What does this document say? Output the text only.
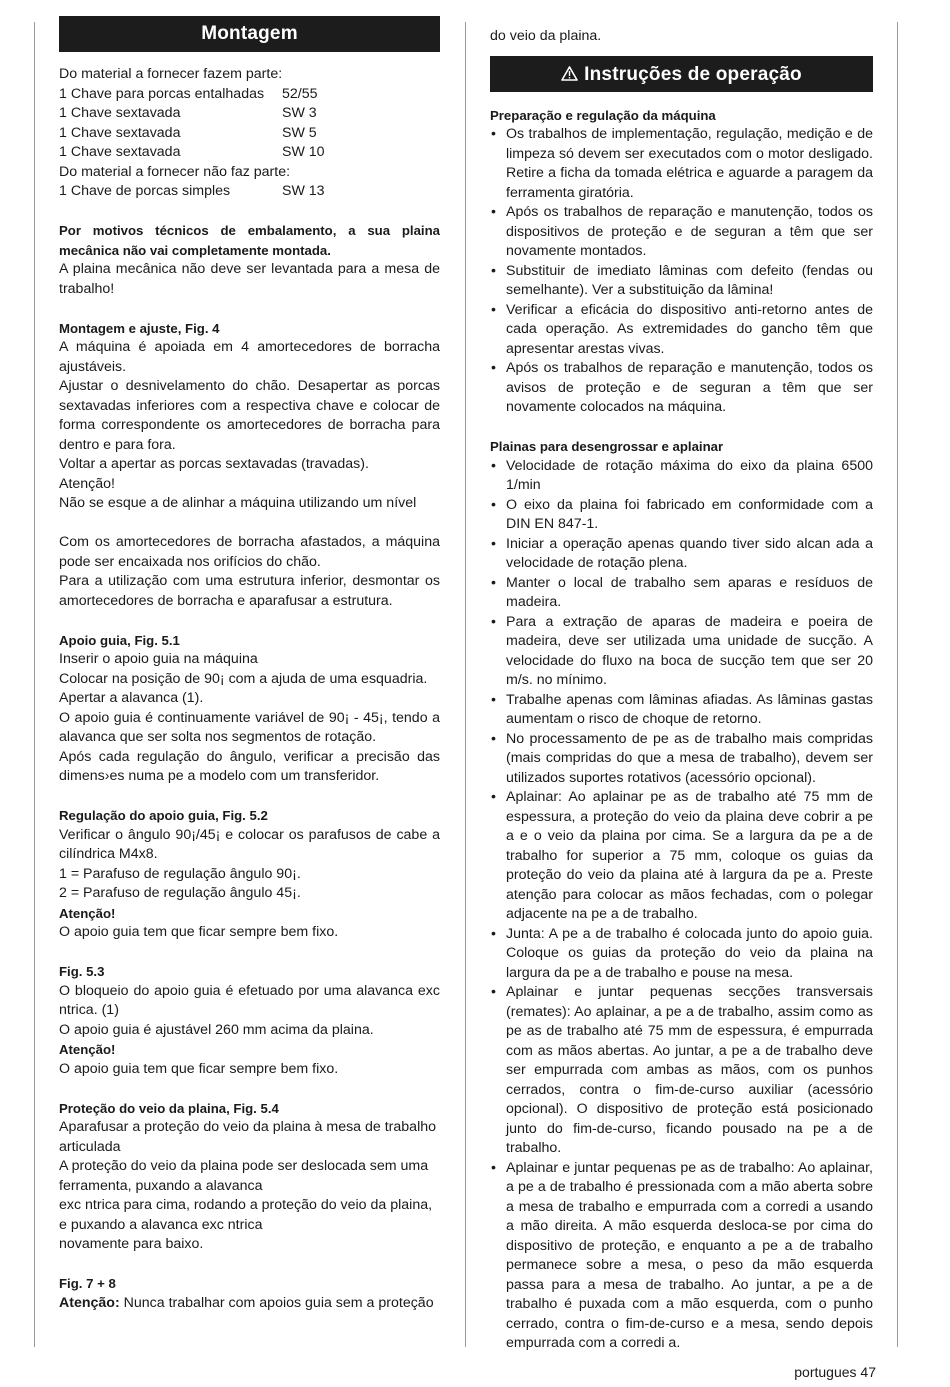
Montagem

Do material a fornecer fazem parte:

1 Chave para porcas entalhadas	52/55
1 Chave sextavada	SW 3
1 Chave sextavada	SW 5
1 Chave sextavada	SW 10

Do material a fornecer não faz parte:

1 Chave de porcas simples	SW 13

Por motivos técnicos de embalamento, a sua plaina mecânica não vai completamente montada.

A plaina mecânica não deve ser levantada para a mesa de trabalho!

Montagem e ajuste, Fig. 4

A máquina é apoiada em 4 amortecedores de borracha ajustáveis.

Ajustar o desnivelamento do chão. Desapertar as porcas sextavadas inferiores com a respectiva chave e colocar de forma correspondente os amortecedores de borracha para dentro e para fora.

Voltar a apertar as porcas sextavadas (travadas).

Atenção!

Não se esque a de alinhar a máquina utilizando um nível

Com os amortecedores de borracha afastados, a máquina pode ser encaixada nos orifícios do chão.

Para a utilização com uma estrutura inferior, desmontar os amortecedores de borracha e aparafusar a estrutura.

Apoio guia, Fig. 5.1

Inserir o apoio guia na máquina

Colocar na posição de 90¡ com a ajuda de uma esquadria.

Apertar a alavanca (1).

O apoio guia é continuamente variável de 90¡ - 45¡, tendo a alavanca que ser solta nos segmentos de rotação.

Após cada regulação do ângulo, verificar a precisão das dimens›es numa pe a modelo com um transferidor.

Regulação do apoio guia, Fig. 5.2

Verificar o ângulo 90¡/45¡ e colocar os parafusos de cabe a cilíndrica M4x8.

1 = Parafuso de regulação ângulo 90¡.

2 = Parafuso de regulação ângulo 45¡.

Atenção!

O apoio guia tem que ficar sempre bem fixo.

Fig. 5.3

O bloqueio do apoio guia é efetuado por uma alavanca exc ntrica. (1)

O apoio guia é ajustável 260 mm acima da plaina.

Atenção!

O apoio guia tem que ficar sempre bem fixo.

Proteção do veio da plaina, Fig. 5.4

Aparafusar a proteção do veio da plaina à mesa de trabalho articulada

A proteção do veio da plaina pode ser deslocada sem uma ferramenta, puxando a alavanca

exc ntrica para cima, rodando a proteção do veio da plaina, e puxando a alavanca exc ntrica

novamente para baixo.

Fig. 7 + 8

Atenção: Nunca trabalhar com apoios guia sem a proteção

do veio da plaina.

Instruções de operação

Preparação e regulação da máquina

• Os trabalhos de implementação, regulação, medição e de limpeza só devem ser executados com o motor desligado. Retire a ficha da tomada elétrica e aguarde a paragem da ferramenta giratória.
• Após os trabalhos de reparação e manutenção, todos os dispositivos de proteção e de seguran a têm que ser novamente montados.
• Substituir de imediato lâminas com defeito (fendas ou semelhante). Ver a substituição da lâmina!
• Verificar a eficácia do dispositivo anti-retorno antes de cada operação. As extremidades do gancho têm que apresentar arestas vivas.
• Após os trabalhos de reparação e manutenção, todos os avisos de proteção e de seguran a têm que ser novamente colocados na máquina.

Plainas para desengrossar e aplainar

• Velocidade de rotação máxima do eixo da plaina 6500 1/min
• O eixo da plaina foi fabricado em conformidade com a DIN EN 847-1.
• Iniciar a operação apenas quando tiver sido alcan ada a velocidade de rotação plena.
• Manter o local de trabalho sem aparas e resíduos de madeira.
• Para a extração de aparas de madeira e poeira de madeira, deve ser utilizada uma unidade de sucção. A velocidade do fluxo na boca de sucção tem que ser 20 m/s. no mínimo.
• Trabalhe apenas com lâminas afiadas. As lâminas gastas aumentam o risco de choque de retorno.
• No processamento de pe as de trabalho mais compridas (mais compridas do que a mesa de trabalho), devem ser utilizados suportes rotativos (acessório opcional).
• Aplainar: Ao aplainar pe as de trabalho até 75 mm de espessura, a proteção do veio da plaina deve cobrir a pe a e o veio da plaina por cima. Se a largura da pe a de trabalho for superior a 75 mm, coloque os guias da proteção do veio da plaina até à largura da pe a. Preste atenção para colocar as mãos fechadas, com o polegar adjacente na pe a de trabalho.
• Junta: A pe a de trabalho é colocada junto do apoio guia. Coloque os guias da proteção do veio da plaina na largura da pe a de trabalho e pouse na mesa.
• Aplainar e juntar pequenas secções transversais (remates): Ao aplainar, a pe a de trabalho, assim como as pe as de trabalho até 75 mm de espessura, é empurrada com as mãos abertas. Ao juntar, a pe a de trabalho deve ser empurrada com ambas as mãos, com os punhos cerrados, contra o fim-de-curso auxiliar (acessório opcional). O dispositivo de proteção está posicionado junto do fim-de-curso, ficando pousado na pe a de trabalho.
• Aplainar e juntar pequenas pe as de trabalho: Ao aplainar, a pe a de trabalho é pressionada com a mão aberta sobre a mesa de trabalho e empurrada com a corredi a usando a mão direita. A mão esquerda desloca-se por cima do dispositivo de proteção, e enquanto a pe a de trabalho permanece sobre a mesa, o peso da mão esquerda passa para a mesa de trabalho. Ao juntar, a pe a de trabalho é puxada com a mão esquerda, com o punho cerrado, contra o fim-de-curso e a mesa, sendo depois empurrada com a corredi a.
portugues 47
